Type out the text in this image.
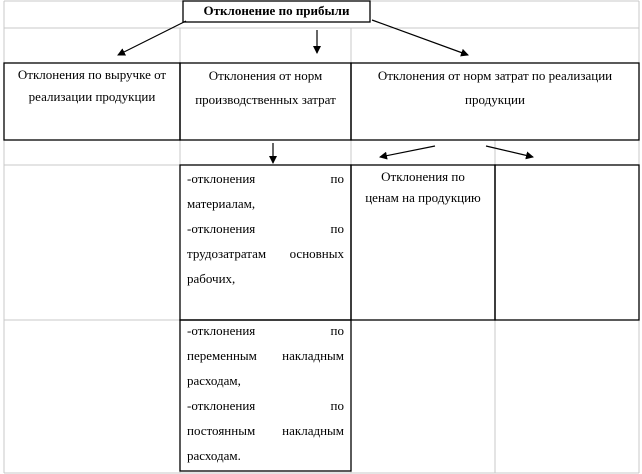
Отклонение по прибыли
Отклонения по выручке от реализации продукции
Отклонения от норм производственных затрат
Отклонения от норм затрат по реализации продукции
-отклонения по
материалам,
-отклонения по
трудозатратам основных
рабочих,
-отклонения по
переменным накладным
расходам,
-отклонения по
постоянным накладным
расходам.
Отклонения по ценам на продукцию
